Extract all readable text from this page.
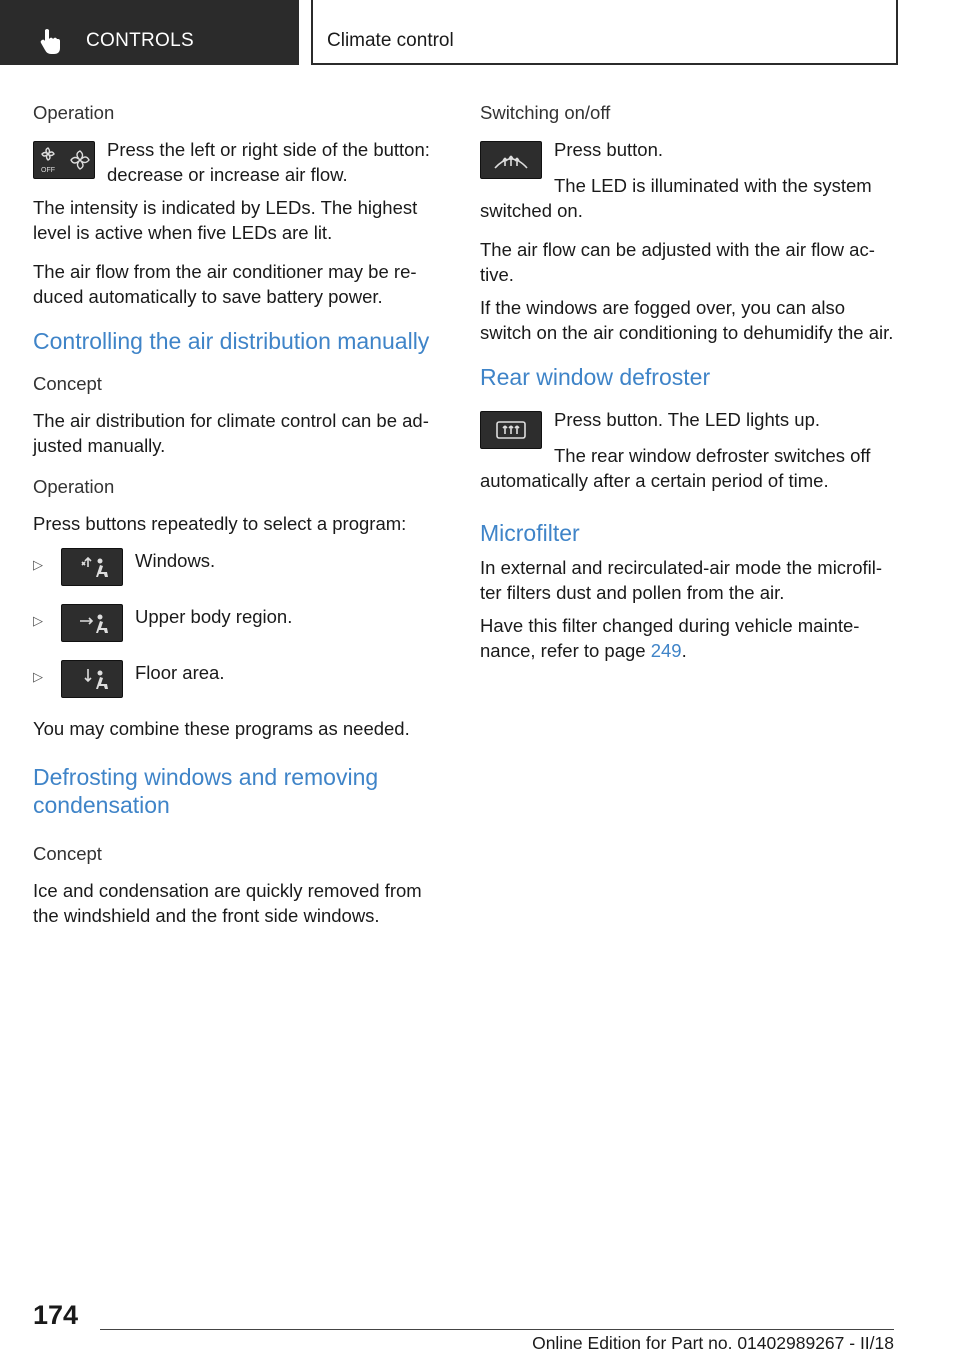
CONTROLS	Climate control
Operation
OFF
Press the left or right side of the button: decrease or increase air flow.
The intensity is indicated by LEDs. The highest level is active when five LEDs are lit.
The air flow from the air conditioner may be re-duced automatically to save battery power.
Controlling the air distribution manually
Concept
The air distribution for climate control can be ad-justed manually.
Operation
Press buttons repeatedly to select a program:
▷	Windows.
▷	Upper body region.
▷	Floor area.
You may combine these programs as needed.
Defrosting windows and removing condensation
Concept
Ice and condensation are quickly removed from the windshield and the front side windows.
Switching on/off
Press button.
The LED is illuminated with the system switched on.
The air flow can be adjusted with the air flow ac-tive.
If the windows are fogged over, you can also switch on the air conditioning to dehumidify the air.
Rear window defroster
Press button. The LED lights up.
The rear window defroster switches off automatically after a certain period of time.
Microfilter
In external and recirculated-air mode the microfil-ter filters dust and pollen from the air.
Have this filter changed during vehicle mainte-nance, refer to page 249.
174
Online Edition for Part no. 01402989267 - II/18
